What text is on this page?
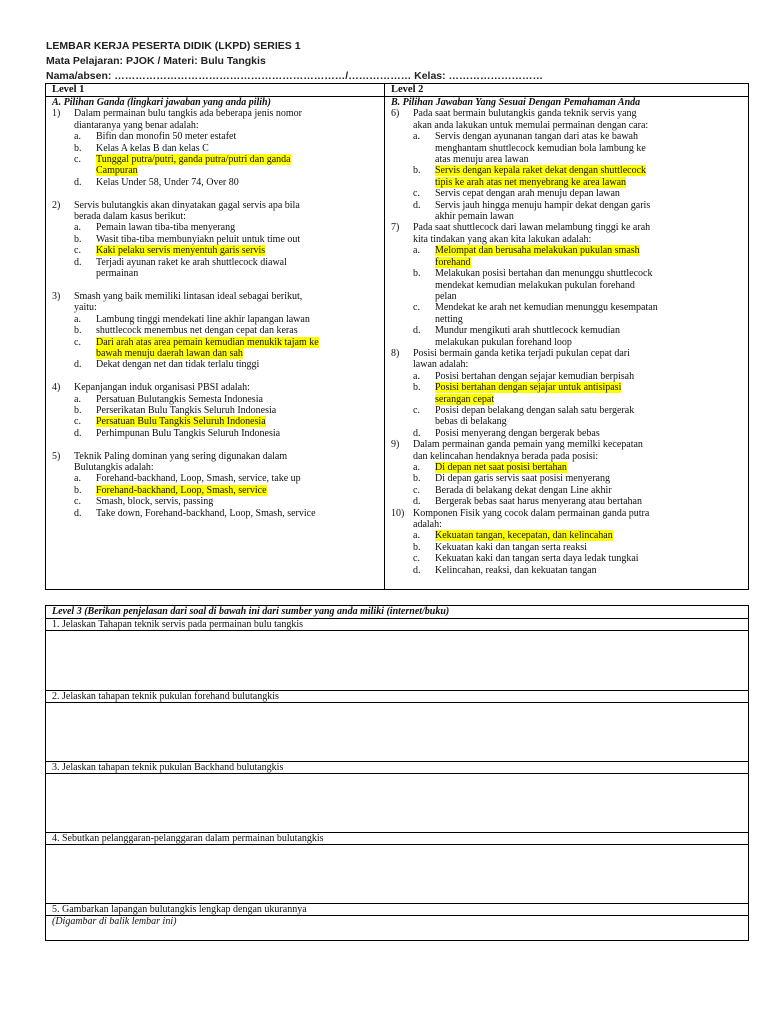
LEMBAR KERJA PESERTA DIDIK (LKPD) SERIES 1
Mata Pelajaran: PJOK / Materi: Bulu Tangkis
Nama/absen: …………………………………………………………/……………… Kelas: ………………………
Level 1	Level 2
A. Pilihan Ganda (lingkari jawaban yang anda pilih)
1) Dalam permainan bulu tangkis ada beberapa jenis nomor
diantaranya yang benar adalah:
a. Bifin dan monofin 50 meter estafet
b. Kelas A kelas B dan kelas C
c. Tunggal putra/putri, ganda putra/putri dan ganda
Campuran
d. Kelas Under 58, Under 74, Over 80
2) Servis bulutangkis akan dinyatakan gagal servis apa bila
berada dalam kasus berikut:
a. Pemain lawan tiba-tiba menyerang
b. Wasit tiba-tiba membunyiakn peluit untuk time out
c. Kaki pelaku servis menyentuh garis servis
d. Terjadi ayunan raket ke arah shuttlecock diawal
permainan
3) Smash yang baik memiliki lintasan ideal sebagai berikut,
yaitu:
a. Lambung tinggi mendekati line akhir lapangan lawan
b. shuttlecock menembus net dengan cepat dan keras
c. Dari arah atas area pemain kemudian menukik tajam ke
bawah menuju daerah lawan dan sah
d. Dekat dengan net dan tidak terlalu tinggi
4) Kepanjangan induk organisasi PBSI adalah:
a. Persatuan Bulutangkis Semesta Indonesia
b. Perserikatan Bulu Tangkis Seluruh Indonesia
c. Persatuan Bulu Tangkis Seluruh Indonesia
d. Perhimpunan Bulu Tangkis Seluruh Indonesia
5) Teknik Paling dominan yang sering digunakan dalam
Bulutangkis adalah:
a. Forehand-backhand, Loop, Smash, service, take up
b. Forehand-backhand, Loop, Smash, service
c. Smash, block, servis, passing
d. Take down, Forehand-backhand, Loop, Smash, service
B. Pilihan Jawaban Yang Sesuai Dengan Pemahaman Anda
6) Pada saat bermain bulutangkis ganda teknik servis yang
akan anda lakukan untuk memulai permainan dengan cara:
a. Servis dengan ayunanan tangan dari atas ke bawah
menghantam shuttlecock kemudian bola lambung ke
atas menuju area lawan
b. Servis dengan kepala raket dekat dengan shuttlecock
tipis ke arah atas net menyebrang ke area lawan
c. Servis cepat dengan arah menuju depan lawan
d. Servis jauh hingga menuju hampir dekat dengan garis
akhir pemain lawan
7) Pada saat shuttlecock dari lawan melambung tinggi ke arah
kita tindakan yang akan kita lakukan adalah:
a. Melompat dan berusaha melakukan pukulan smash
forehand
b. Melakukan posisi bertahan dan menunggu shuttlecock
mendekat kemudian melakukan pukulan forehand
pelan
c. Mendekat ke arah net kemudian menunggu kesempatan
netting
d. Mundur mengikuti arah shuttlecock kemudian
melakukan pukulan forehand loop
8) Posisi bermain ganda ketika terjadi pukulan cepat dari
lawan adalah:
a. Posisi bertahan dengan sejajar kemudian berpisah
b. Posisi bertahan dengan sejajar untuk antisipasi
serangan cepat
c. Posisi depan belakang dengan salah satu bergerak
bebas di belakang
d. Posisi menyerang dengan bergerak bebas
9) Dalam permainan ganda pemain yang memilki kecepatan
dan kelincahan hendaknya berada pada posisi:
a. Di depan net saat posisi bertahan
b. Di depan garis servis saat posisi menyerang
c. Berada di belakang dekat dengan Line akhir
d. Bergerak bebas saat harus menyerang atau bertahan
10) Komponen Fisik yang cocok dalam permainan ganda putra
adalah:
a. Kekuatan tangan, kecepatan, dan kelincahan
b. Kekuatan kaki dan tangan serta reaksi
c. Kekuatan kaki dan tangan serta daya ledak tungkai
d. Kelincahan, reaksi, dan kekuatan tangan
Level 3 (Berikan penjelasan dari soal di bawah ini dari sumber yang anda miliki (internet/buku)
1. Jelaskan Tahapan teknik servis pada permainan bulu tangkis
2. Jelaskan tahapan teknik pukulan forehand bulutangkis
3. Jelaskan tahapan teknik pukulan Backhand bulutangkis
4. Sebutkan pelanggaran-pelanggaran dalam permainan bulutangkis
5. Gambarkan lapangan bulutangkis lengkap dengan ukurannya
(Digambar di balik lembar ini)
